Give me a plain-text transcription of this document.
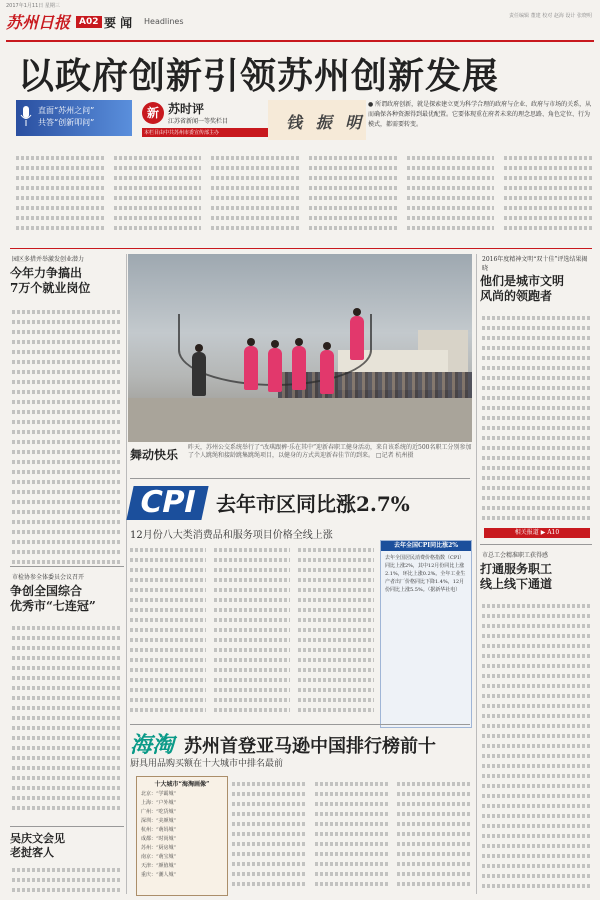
2017年1月11日 星期三
苏州日报 A02 要 闻 Headlines
责任编辑 董建 校对 赵海 设计 张晓明
以政府创新引领苏州创新发展
直面“苏州之问”
共答“创新叩问”
新 苏时评
江苏省新闻一等奖栏目
本栏目由中共苏州市委宣传部主办
钱 振 明
● 所谓政府创新，就是探索建立更为科学合理的政府与企业、政府与市场的关系，从而确保各种资源得到最优配置。它要体现重在府者未来的理念思路、角色定位、行为模式，都需要转变。
园区多措并举激发创业潜力
今年力争搞出
7万个就业岗位
市检协参全体委员会议召开
争创全国综合
优秀市“七连冠”
吴庆文会见
老挝客人
舞动快乐
昨天，苏州公交系统举行了“改琪跟裤·乐在其中”迎新春职工健身活动，来自该系统的近500名职工分别参加了个人跳绳和接龄跳集跳绳项目，以健身的方式共迎新春佳节的到来。 □记者 杭州摄
CPI 去年市区同比涨2.7%
12月份八大类消费品和服务项目价格全线上涨
去年全国CPI同比涨2%
去年全国居民消费价格指数（CPI）同比上涨2%，其中12月份同比上涨2.1%，环比上涨0.2%。全年工业生产者出厂价格同比下降1.4%，12月份同比上涨5.5%。（据新华社电）
海淘 苏州首登亚马逊中国排行榜前十
厨具用品购买额在十大城市中排名最前
十大城市“海淘画像”
北京：“学霸城”
上海：“户外城”
广州：“吃货城”
深圳：“美颜城”
杭州：“萌妈城”
成都：“时尚城”
苏州：“厨房城”
南京：“萌宝城”
天津：“颜值城”
重庆：“潮人城”
2016年度精神文明“双十佳”评选结果揭晓
他们是城市文明
风尚的领跑者
相关报道 ▶ A10
市总工会精准职工获得感
打通服务职工
线上线下通道
